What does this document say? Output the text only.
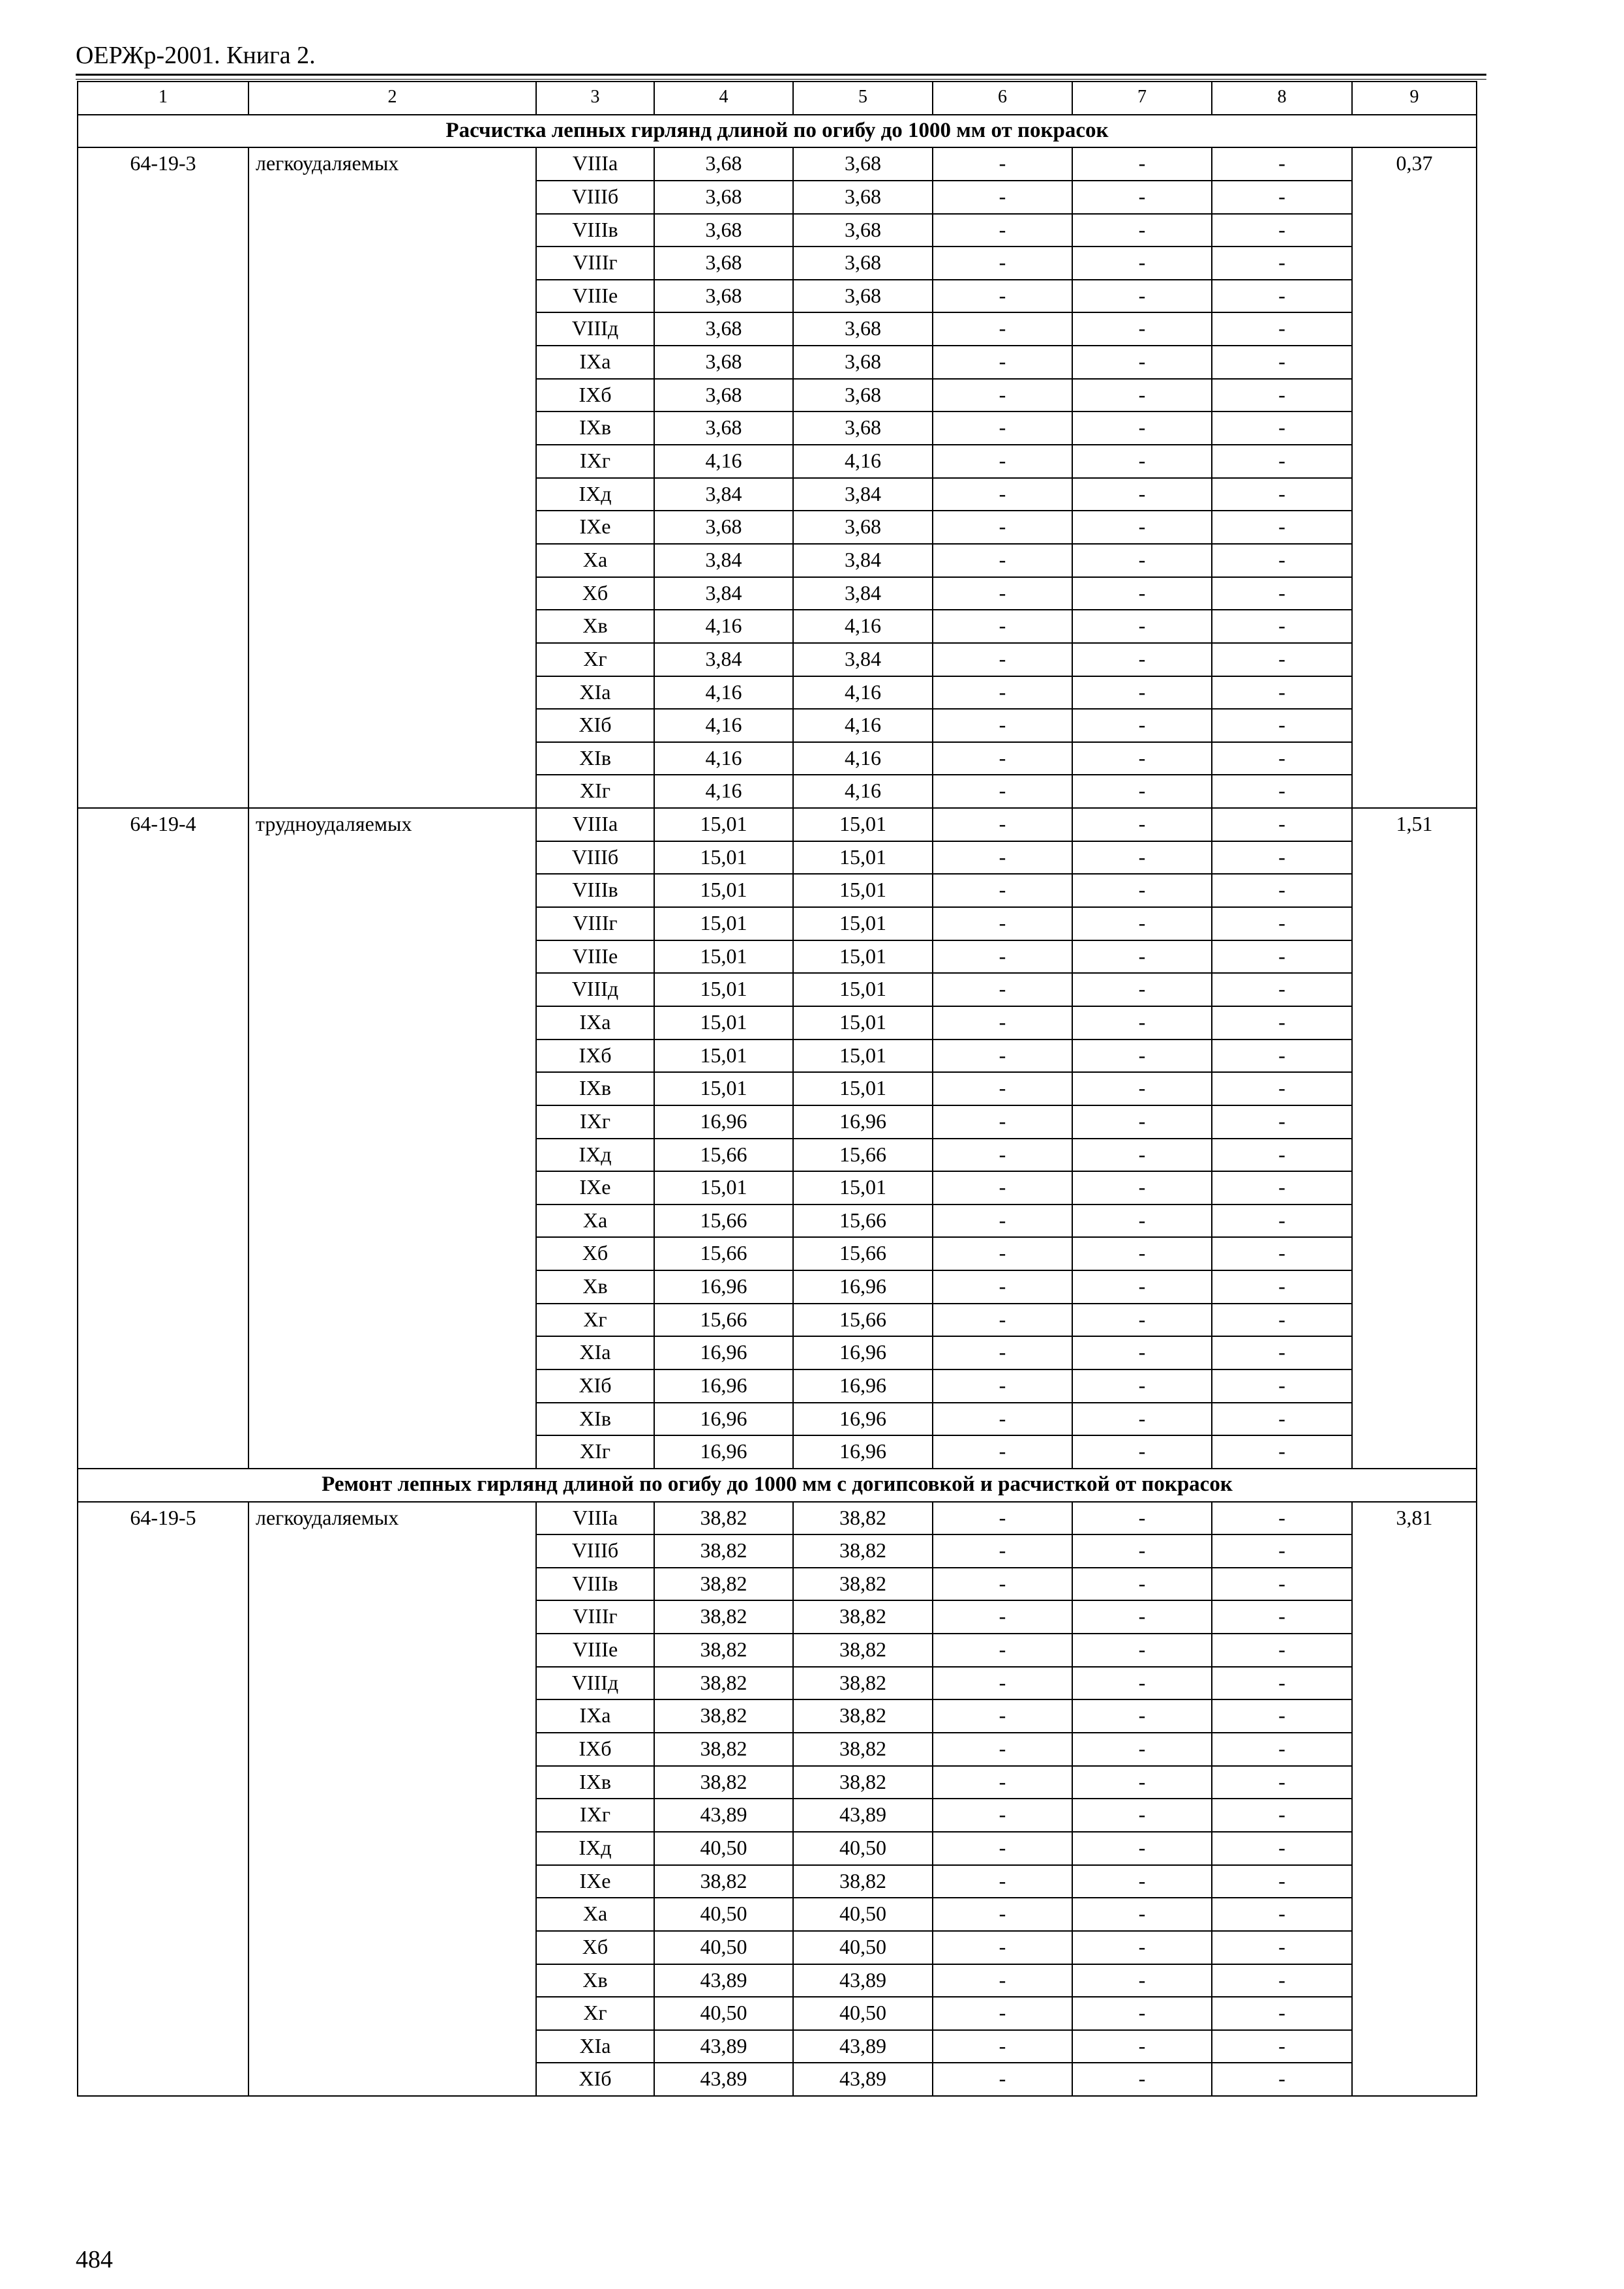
ОЕРЖр-2001. Книга 2.
1	2	3	4	5	6	7	8	9
Расчистка лепных гирлянд длиной по огибу до 1000 мм от покрасок								
64-19-3	легкоудаляемых	VIIIа	3,68	3,68	-	-	-	0,37
		VIIIб	3,68	3,68	-	-	-	
		VIIIв	3,68	3,68	-	-	-	
		VIIIг	3,68	3,68	-	-	-	
		VIIIе	3,68	3,68	-	-	-	
		VIIIд	3,68	3,68	-	-	-	
		IXа	3,68	3,68	-	-	-	
		IXб	3,68	3,68	-	-	-	
		IXв	3,68	3,68	-	-	-	
		IXг	4,16	4,16	-	-	-	
		IXд	3,84	3,84	-	-	-	
		IXе	3,68	3,68	-	-	-	
		Xа	3,84	3,84	-	-	-	
		Xб	3,84	3,84	-	-	-	
		Xв	4,16	4,16	-	-	-	
		Xг	3,84	3,84	-	-	-	
		XIа	4,16	4,16	-	-	-	
		XIб	4,16	4,16	-	-	-	
		XIв	4,16	4,16	-	-	-	
		XIг	4,16	4,16	-	-	-	
64-19-4	трудноудаляемых	VIIIа	15,01	15,01	-	-	-	1,51
		VIIIб	15,01	15,01	-	-	-	
		VIIIв	15,01	15,01	-	-	-	
		VIIIг	15,01	15,01	-	-	-	
		VIIIе	15,01	15,01	-	-	-	
		VIIIд	15,01	15,01	-	-	-	
		IXа	15,01	15,01	-	-	-	
		IXб	15,01	15,01	-	-	-	
		IXв	15,01	15,01	-	-	-	
		IXг	16,96	16,96	-	-	-	
		IXд	15,66	15,66	-	-	-	
		IXе	15,01	15,01	-	-	-	
		Xа	15,66	15,66	-	-	-	
		Xб	15,66	15,66	-	-	-	
		Xв	16,96	16,96	-	-	-	
		Xг	15,66	15,66	-	-	-	
		XIа	16,96	16,96	-	-	-	
		XIб	16,96	16,96	-	-	-	
		XIв	16,96	16,96	-	-	-	
		XIг	16,96	16,96	-	-	-	
Ремонт лепных гирлянд длиной по огибу до 1000 мм с догипсовкой и расчисткой от покрасок								
64-19-5	легкоудаляемых	VIIIа	38,82	38,82	-	-	-	3,81
		VIIIб	38,82	38,82	-	-	-	
		VIIIв	38,82	38,82	-	-	-	
		VIIIг	38,82	38,82	-	-	-	
		VIIIе	38,82	38,82	-	-	-	
		VIIIд	38,82	38,82	-	-	-	
		IXа	38,82	38,82	-	-	-	
		IXб	38,82	38,82	-	-	-	
		IXв	38,82	38,82	-	-	-	
		IXг	43,89	43,89	-	-	-	
		IXд	40,50	40,50	-	-	-	
		IXе	38,82	38,82	-	-	-	
		Xа	40,50	40,50	-	-	-	
		Xб	40,50	40,50	-	-	-	
		Xв	43,89	43,89	-	-	-	
		Xг	40,50	40,50	-	-	-	
		XIа	43,89	43,89	-	-	-	
		XIб	43,89	43,89	-	-	-	
484
